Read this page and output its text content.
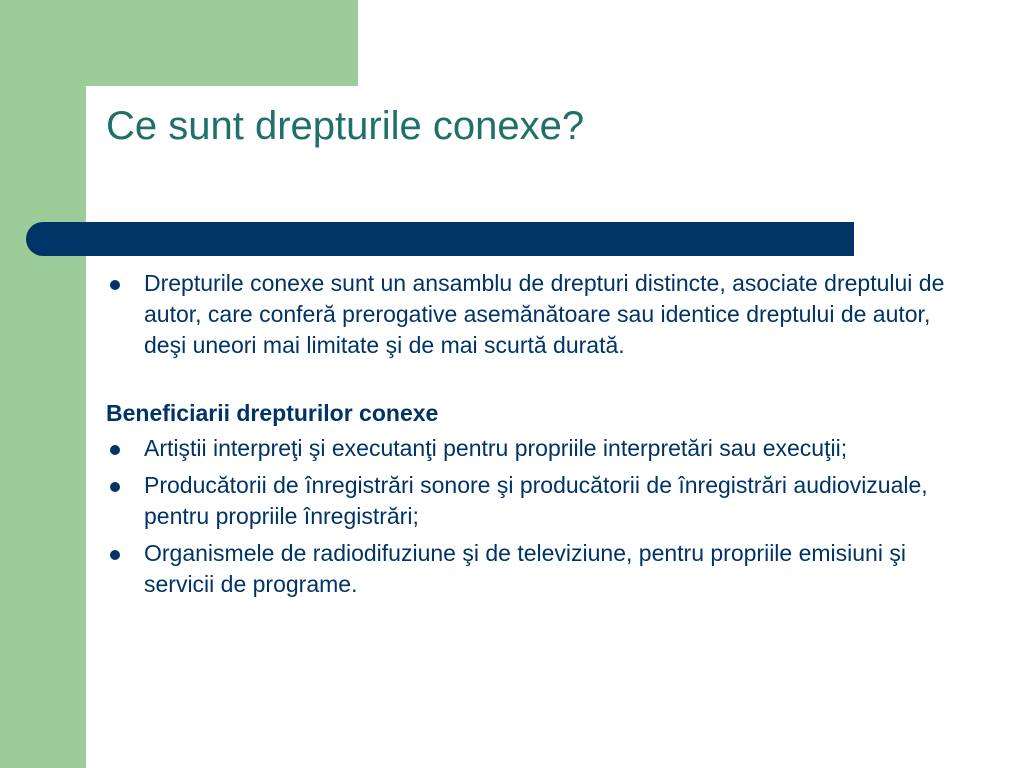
Ce sunt drepturile conexe?

Drepturile conexe sunt un ansamblu de drepturi distincte, asociate dreptului de autor, care conferă prerogative asemănătoare sau identice dreptului de autor, deşi uneori mai limitate şi de mai scurtă durată.

Beneficiarii drepturilor conexe

Artiştii interpreţi şi executanţi pentru propriile interpretări sau execuţii;

Producătorii de înregistrări sonore şi producătorii de înregistrări audiovizuale, pentru propriile înregistrări;

Organismele de radiodifuziune şi de televiziune, pentru propriile emisiuni şi servicii de programe.
